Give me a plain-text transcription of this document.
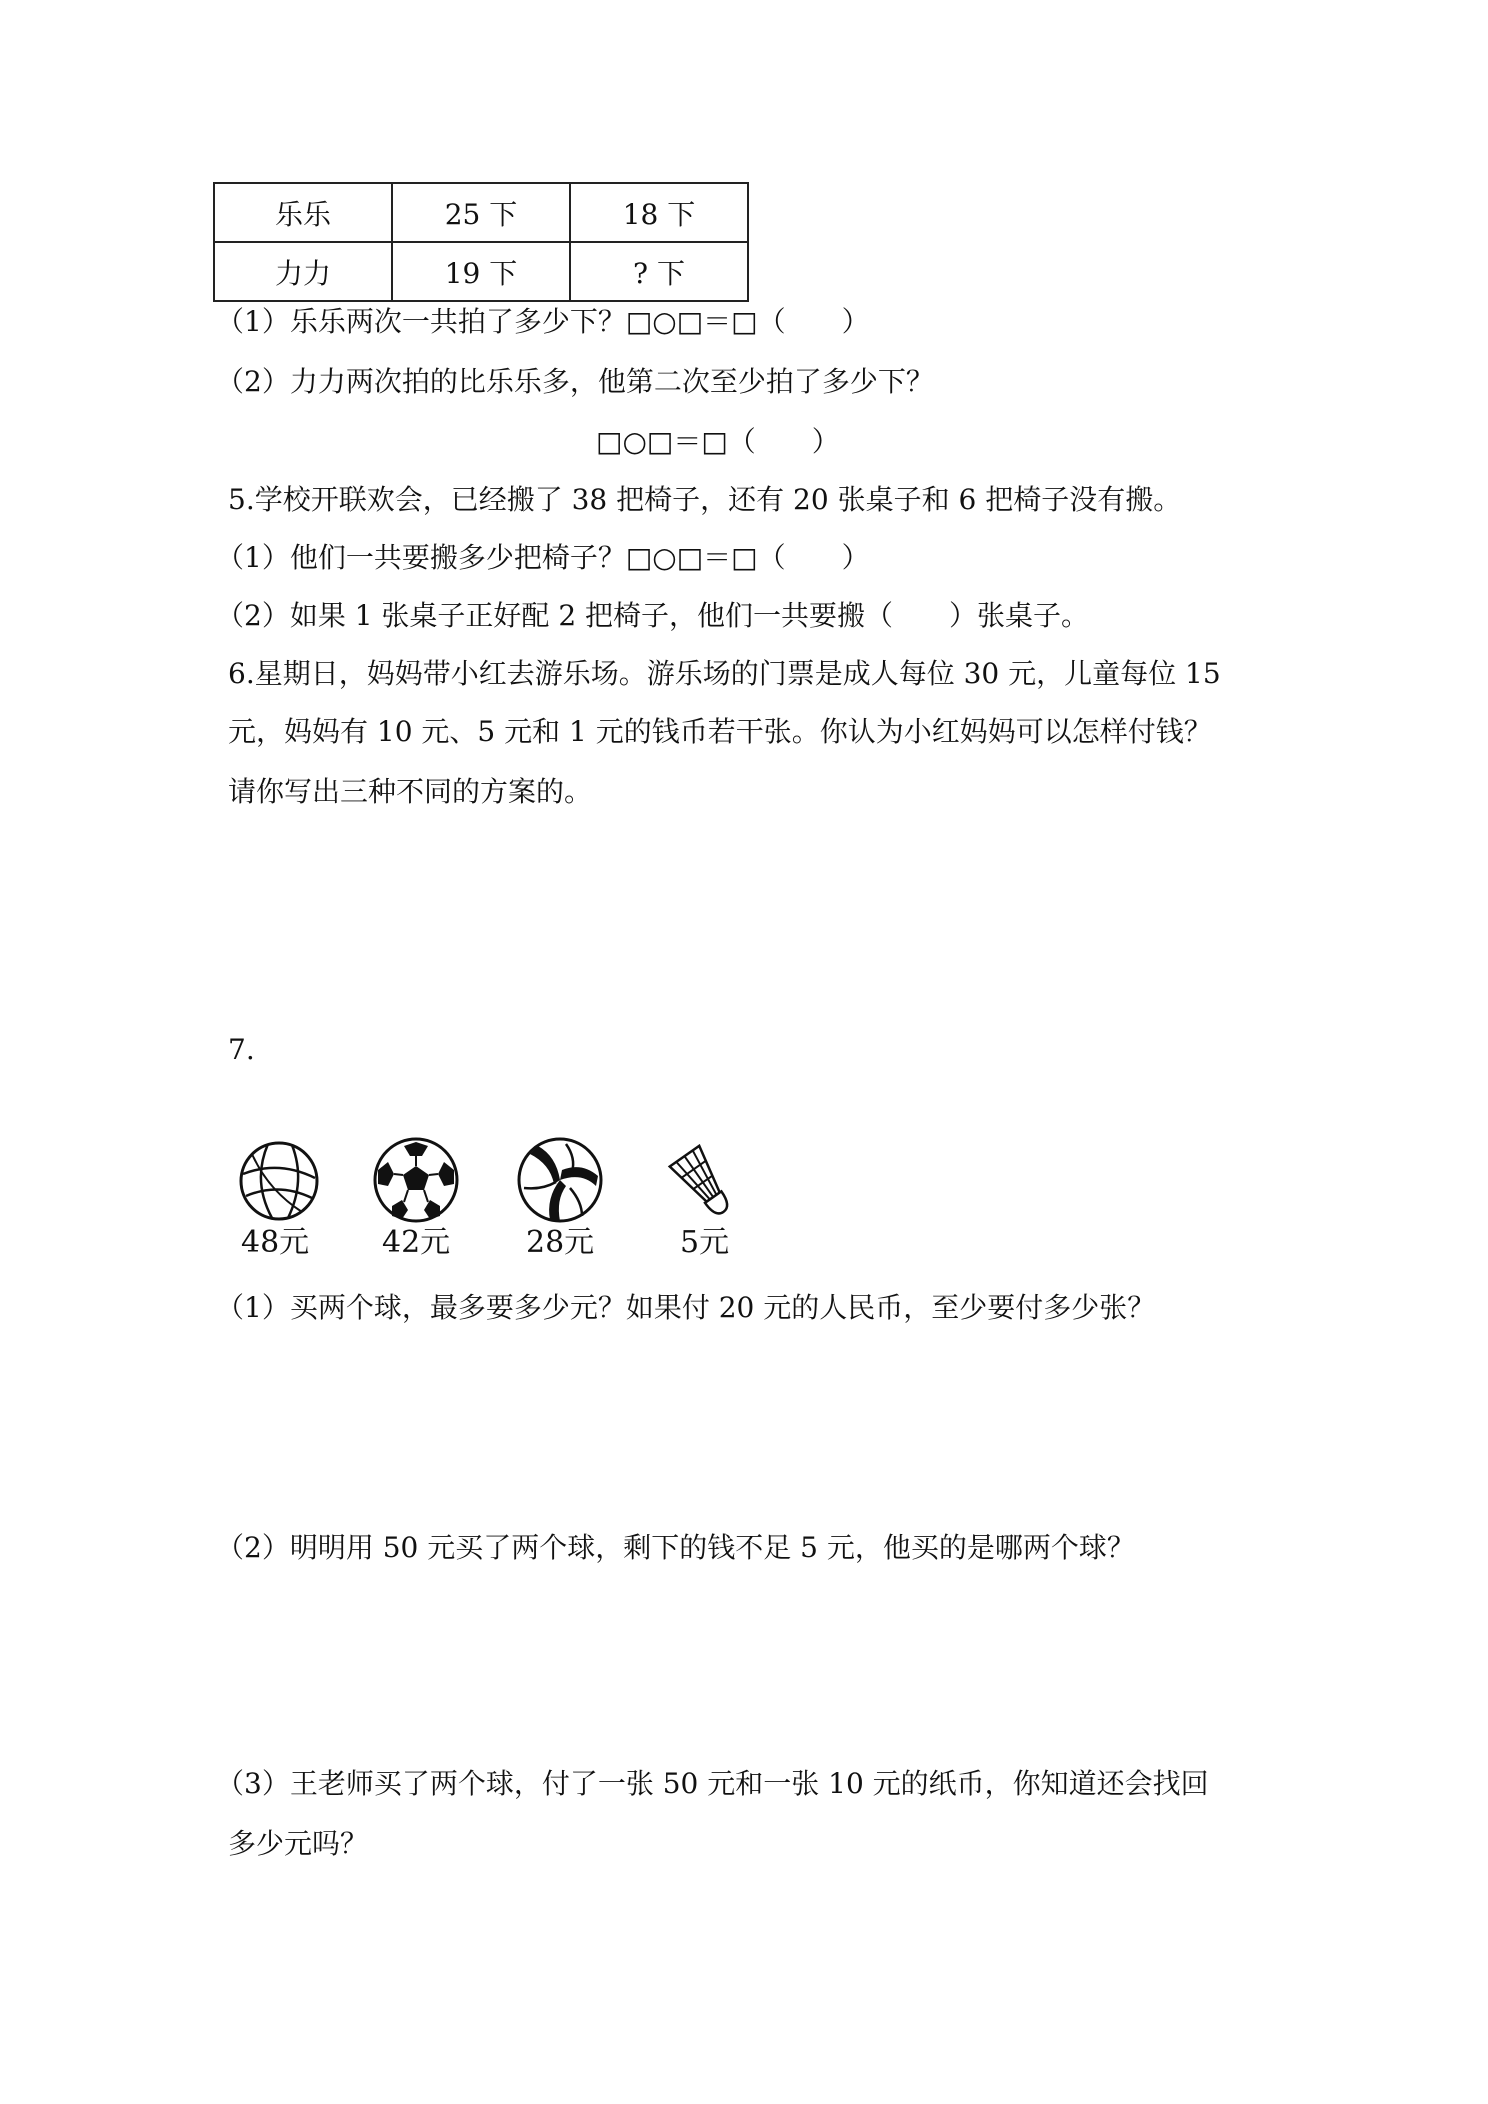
乐乐	25 下	18 下
力力	19 下	? 下
（1）乐乐两次一共拍了多少下？□○□＝□（　　）
（2）力力两次拍的比乐乐多，他第二次至少拍了多少下？
□○□＝□（　　）
5.学校开联欢会，已经搬了 38 把椅子，还有 20 张桌子和 6 把椅子没有搬。
（1）他们一共要搬多少把椅子？□○□＝□（　　）
（2）如果 1 张桌子正好配 2 把椅子，他们一共要搬（　　）张桌子。
6.星期日，妈妈带小红去游乐场。游乐场的门票是成人每位 30 元，儿童每位 15
元，妈妈有 10 元、5 元和 1 元的钱币若干张。你认为小红妈妈可以怎样付钱？
请你写出三种不同的方案的。
7.
48元 42元	28元	5元
（1）买两个球，最多要多少元？如果付 20 元的人民币，至少要付多少张？
（2）明明用 50 元买了两个球，剩下的钱不足 5 元，他买的是哪两个球？
（3）王老师买了两个球，付了一张 50 元和一张 10 元的纸币，你知道还会找回
多少元吗？
